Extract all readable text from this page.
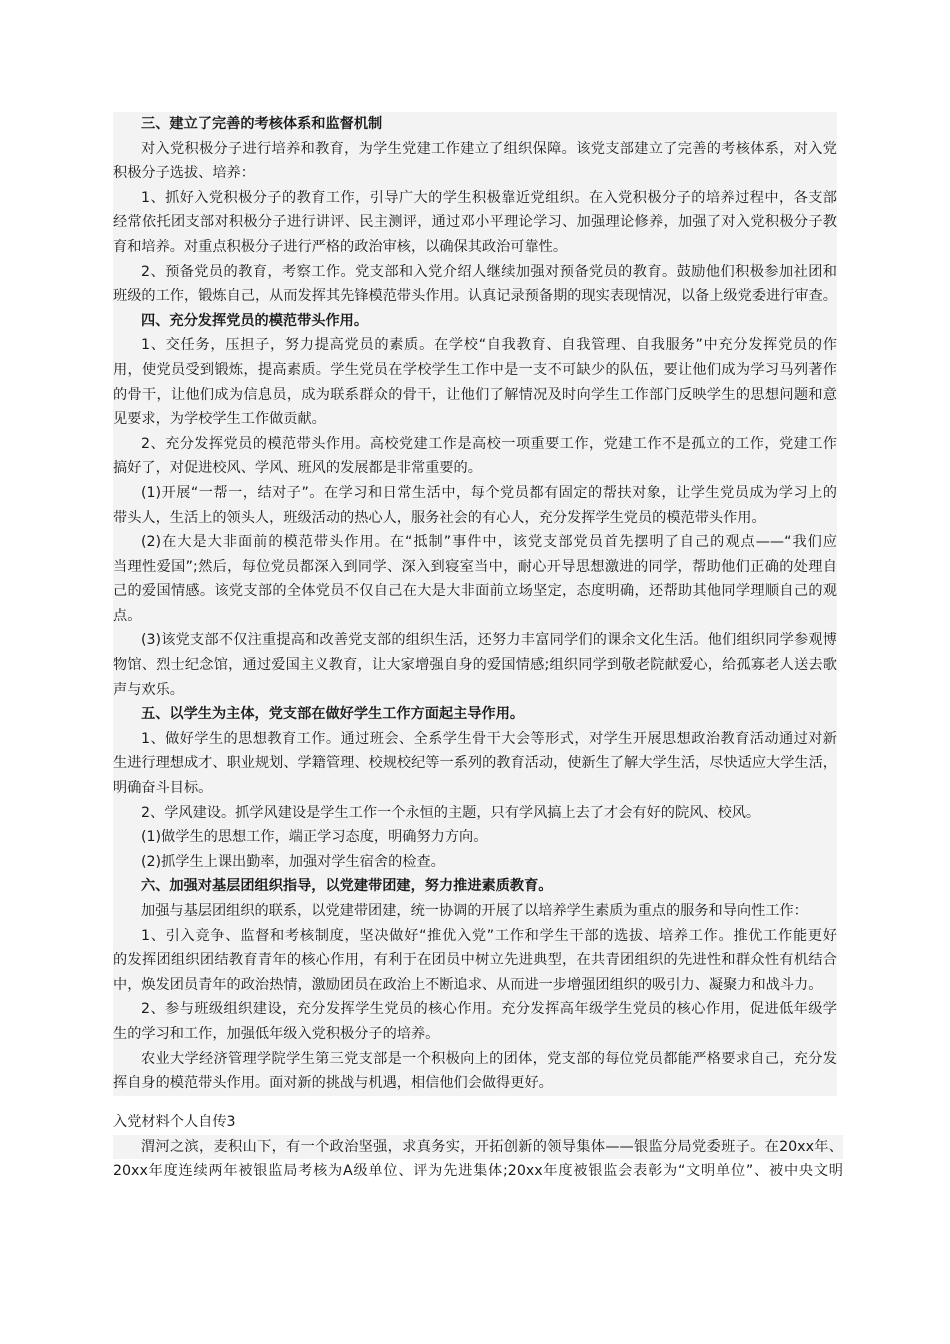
三、建立了完善的考核体系和监督机制
对入党积极分子进行培养和教育，为学生党建工作建立了组织保障。该党支部建立了完善的考核体系，对入党
积极分子选拔、培养：
1、抓好入党积极分子的教育工作，引导广大的学生积极靠近党组织。在入党积极分子的培养过程中，各支部
经常依托团支部对积极分子进行讲评、民主测评，通过邓小平理论学习、加强理论修养，加强了对入党积极分子教
育和培养。对重点积极分子进行严格的政治审核，以确保其政治可靠性。
2、预备党员的教育，考察工作。党支部和入党介绍人继续加强对预备党员的教育。鼓励他们积极参加社团和
班级的工作，锻炼自己，从而发挥其先锋模范带头作用。认真记录预备期的现实表现情况，以备上级党委进行审查。
四、充分发挥党员的模范带头作用。
1、交任务，压担子，努力提高党员的素质。在学校“自我教育、自我管理、自我服务”中充分发挥党员的作
用，使党员受到锻炼，提高素质。学生党员在学校学生工作中是一支不可缺少的队伍，要让他们成为学习马列著作
的骨干，让他们成为信息员，成为联系群众的骨干，让他们了解情况及时向学生工作部门反映学生的思想问题和意
见要求，为学校学生工作做贡献。
2、充分发挥党员的模范带头作用。高校党建工作是高校一项重要工作，党建工作不是孤立的工作，党建工作
搞好了，对促进校风、学风、班风的发展都是非常重要的。
(1)开展“一帮一，结对子”。在学习和日常生活中，每个党员都有固定的帮扶对象，让学生党员成为学习上的
带头人，生活上的领头人，班级活动的热心人，服务社会的有心人，充分发挥学生党员的模范带头作用。
(2)在大是大非面前的模范带头作用。在“抵制”事件中，该党支部党员首先摆明了自己的观点——“我们应
当理性爱国”;然后，每位党员都深入到同学、深入到寝室当中，耐心开导思想激进的同学，帮助他们正确的处理自
己的爱国情感。该党支部的全体党员不仅自己在大是大非面前立场坚定，态度明确，还帮助其他同学理顺自己的观
点。
(3)该党支部不仅注重提高和改善党支部的组织生活，还努力丰富同学们的课余文化生活。他们组织同学参观博
物馆、烈士纪念馆，通过爱国主义教育，让大家增强自身的爱国情感;组织同学到敬老院献爱心，给孤寡老人送去歌
声与欢乐。
五、以学生为主体，党支部在做好学生工作方面起主导作用。
1、做好学生的思想教育工作。通过班会、全系学生骨干大会等形式，对学生开展思想政治教育活动通过对新
生进行理想成才、职业规划、学籍管理、校规校纪等一系列的教育活动，使新生了解大学生活，尽快适应大学生活，
明确奋斗目标。
2、学风建设。抓学风建设是学生工作一个永恒的主题，只有学风搞上去了才会有好的院风、校风。
(1)做学生的思想工作，端正学习态度，明确努力方向。
(2)抓学生上课出勤率，加强对学生宿舍的检查。
六、加强对基层团组织指导，以党建带团建，努力推进素质教育。
加强与基层团组织的联系，以党建带团建，统一协调的开展了以培养学生素质为重点的服务和导向性工作：
1、引入竞争、监督和考核制度，坚决做好“推优入党”工作和学生干部的选拔、培养工作。推优工作能更好
的发挥团组织团结教育青年的核心作用，有利于在团员中树立先进典型，在共青团组织的先进性和群众性有机结合
中，焕发团员青年的政治热情，激励团员在政治上不断追求、从而进一步增强团组织的吸引力、凝聚力和战斗力。
2、参与班级组织建设，充分发挥学生党员的核心作用。充分发挥高年级学生党员的核心作用，促进低年级学
生的学习和工作，加强低年级入党积极分子的培养。
农业大学经济管理学院学生第三党支部是一个积极向上的团体，党支部的每位党员都能严格要求自己，充分发
挥自身的模范带头作用。面对新的挑战与机遇，相信他们会做得更好。
入党材料个人自传3
渭河之滨，麦积山下，有一个政治坚强，求真务实，开拓创新的领导集体——银监分局党委班子。在20xx年、
20xx年度连续两年被银监局考核为A级单位、评为先进集体;20xx年度被银监会表彰为“文明单位”、被中央文明
